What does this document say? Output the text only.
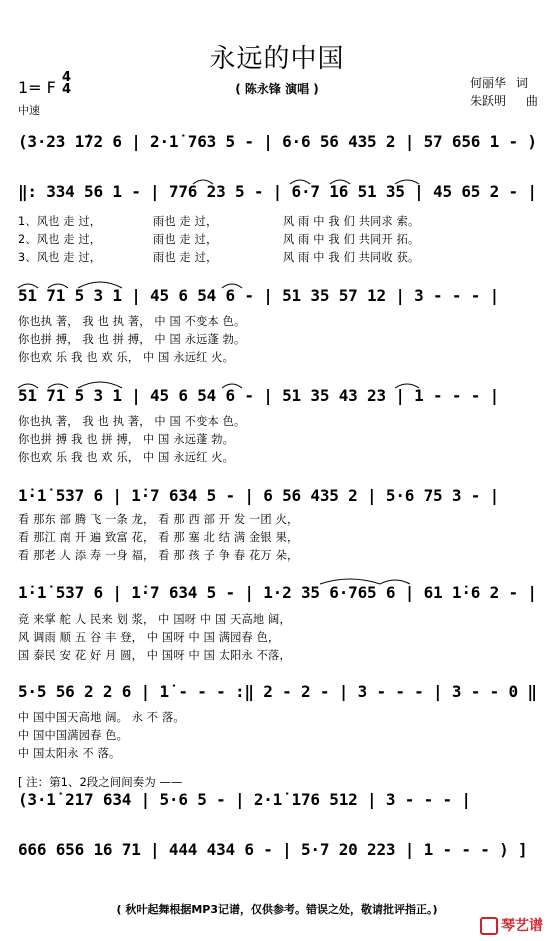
永远的中国
1= F
4
4
中速
( 陈永锋 演唱 )	何丽华 词
朱跃明 曲
(3·23 1̇72 6 | 2·1̇ 763 5 - | 6·6 56 435 2 | 57 656 1 - )
‖: 334 56 1 - | 776 23 5 - | 6·7 16 51 35 | 45 65 2 - |
1、风也 走 过，	雨也 走 过，	风 雨 中 我 们 共同求 索。
2、风也 走 过，	雨也 走 过，	风 雨 中 我 们 共同开 拓。
3、风也 走 过，	雨也 走 过，	风 雨 中 我 们 共同收 获。
51 71 5 3 1 | 45 6 54 6 - | 51 35 57 12 | 3 - - - |
你也执 著， 我 也 执 著， 中 国 不变本 色。
你也拼 搏， 我 也 拼 搏， 中 国 永远蓬 勃。
你也欢 乐 我 也 欢 乐， 中 国 永远红 火。
51 71 5 3 1 | 45 6 54 6 - | 51 35 43 23 | 1 - - - |
你也执 著， 我 也 执 著， 中 国 不变本 色。
你也拼 搏 我 也 拼 搏， 中 国 永远蓬 勃。
你也欢 乐 我 也 欢 乐， 中 国 永远红 火。
1̇·1̇ 537 6 | 1̇·7 634 5 - | 6 56 435 2 | 5·6 75 3 - |
看 那东 部 腾 飞 一条 龙， 看 那 西 部 开 发 一团 火，
看 那江 南 开 遍 致富 花， 看 那 塞 北 结 满 金银 果，
看 那老 人 添 寿 一身 福， 看 那 孩 子 争 春 花万 朵，
1̇·1̇ 537 6 | 1̇·7 634 5 - | 1·2 35 6·765 6 | 61 1̇·6 2 - |
竞 来掌 舵 人 民来 划 浆， 中 国呀 中 国 天高地 阔，
风 调雨 顺 五 谷 丰 登， 中 国呀 中 国 满园春 色，
国 泰民 安 花 好 月 圆， 中 国呀 中 国 太阳永 不落，
5·5 56 2 2 6 | 1̇ - - - :‖ 2 - 2 - | 3 - - - | 3 - - 0 ‖
中 国中国天高地 阔。 永 不 落。
中 国中国满园春 色。
中 国太阳永 不 落。
[ 注：第1、2段之间间奏为 ——
(3·1̇ 217 634 | 5·6 5 - | 2·1̇ 176 512 | 3 - - - |
666 656 16 71 | 444 434 6 - | 5·7 20 223 | 1 - - - ) ]
( 秋叶起舞根据MP3记谱，仅供参考。错误之处，敬请批评指正。)
琴艺谱
